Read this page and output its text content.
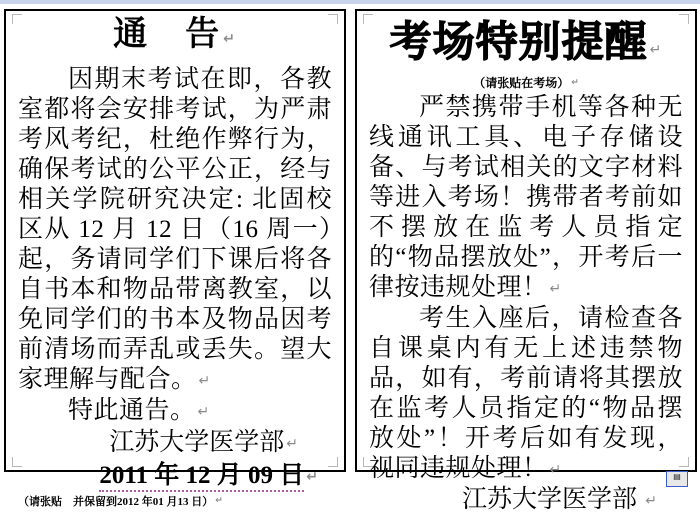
通　告 ↵

因期末考试在即，各教室都将会安排考试，为严肃考风考纪，杜绝作弊行为，确保考试的公平公正，经与相关学院研究决定: 北固校区从 12 月 12 日（16 周一）起，务请同学们下课后将各自书本和物品带离教室，以免同学们的书本及物品因考前清场而弄乱或丢失。望大家理解与配合。 ↵

特此通告。 ↵

江苏大学医学部 ↵

2011 年 12 月 09 日 ↵

（请张贴　并保留到2012 年01 月13 日） ↵

考场特别提醒 ↵

（请张贴在考场） ↵

严禁携带手机等各种无线通讯工具、电子存储设备、与考试相关的文字材料等进入考场！携带者考前如不摆放在监考人员指定的“物品摆放处”，开考后一律按违规处理！ ↵

考生入座后，请检查各自课桌内有无上述违禁物品，如有，考前请将其摆放在监考人员指定的“物品摆放处”！开考后如有发现，视同违规处理！ ↵

江苏大学医学部 ↵

▤
